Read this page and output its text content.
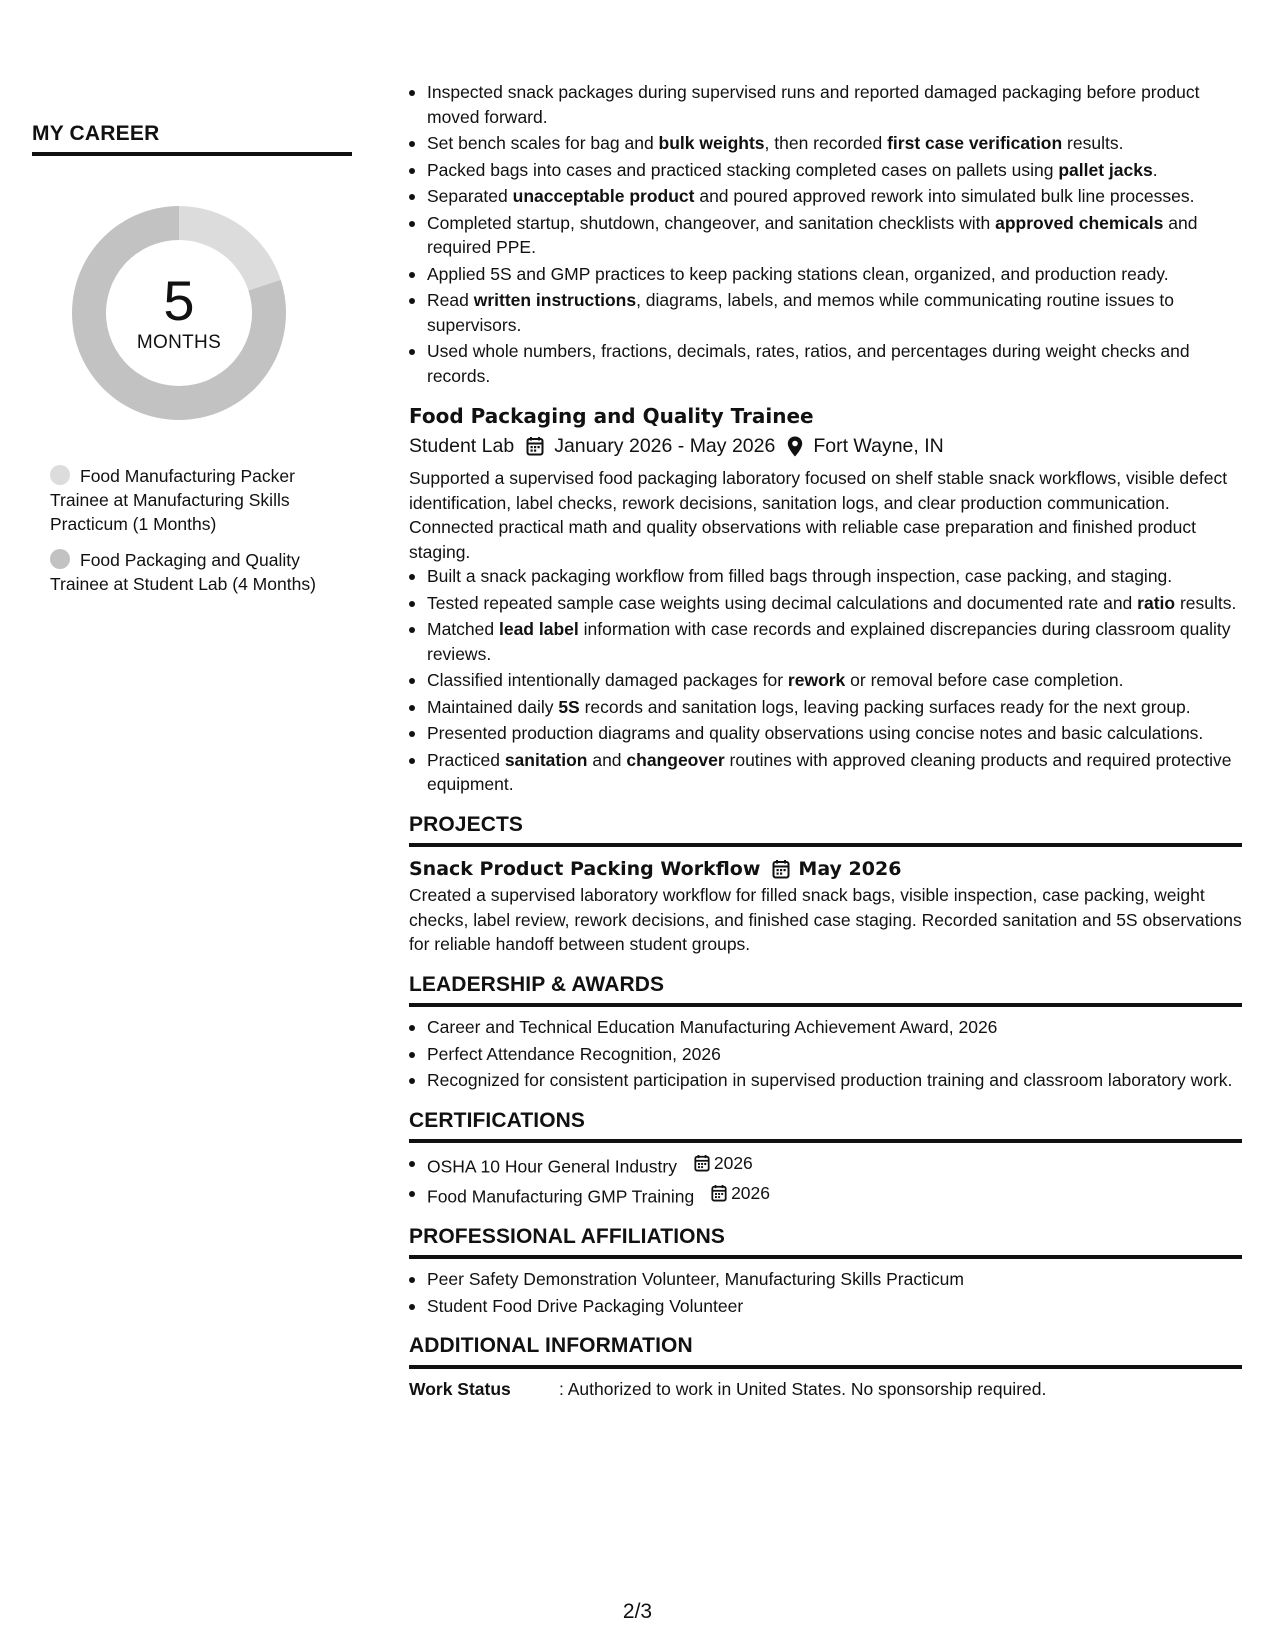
MY CAREER
5
MONTHS
Food Manufacturing Packer Trainee at Manufacturing Skills Practicum (1 Months)
Food Packaging and Quality Trainee at Student Lab (4 Months)
Inspected snack packages during supervised runs and reported damaged packaging before product moved forward.
Set bench scales for bag and bulk weights, then recorded first case verification results.
Packed bags into cases and practiced stacking completed cases on pallets using pallet jacks.
Separated unacceptable product and poured approved rework into simulated bulk line processes.
Completed startup, shutdown, changeover, and sanitation checklists with approved chemicals and required PPE.
Applied 5S and GMP practices to keep packing stations clean, organized, and production ready.
Read written instructions, diagrams, labels, and memos while communicating routine issues to supervisors.
Used whole numbers, fractions, decimals, rates, ratios, and percentages during weight checks and records.
Food Packaging and Quality Trainee
Student Lab January 2026 - May 2026 Fort Wayne, IN
Supported a supervised food packaging laboratory focused on shelf stable snack workflows, visible defect identification, label checks, rework decisions, sanitation logs, and clear production communication. Connected practical math and quality observations with reliable case preparation and finished product staging.
Built a snack packaging workflow from filled bags through inspection, case packing, and staging.
Tested repeated sample case weights using decimal calculations and documented rate and ratio results.
Matched lead label information with case records and explained discrepancies during classroom quality reviews.
Classified intentionally damaged packages for rework or removal before case completion.
Maintained daily 5S records and sanitation logs, leaving packing surfaces ready for the next group.
Presented production diagrams and quality observations using concise notes and basic calculations.
Practiced sanitation and changeover routines with approved cleaning products and required protective equipment.
PROJECTS
Snack Product Packing Workflow May 2026
Created a supervised laboratory workflow for filled snack bags, visible inspection, case packing, weight checks, label review, rework decisions, and finished case staging. Recorded sanitation and 5S observations for reliable handoff between student groups.
LEADERSHIP & AWARDS
Career and Technical Education Manufacturing Achievement Award, 2026
Perfect Attendance Recognition, 2026
Recognized for consistent participation in supervised production training and classroom laboratory work.
CERTIFICATIONS
OSHA 10 Hour General Industry 2026
Food Manufacturing GMP Training 2026
PROFESSIONAL AFFILIATIONS
Peer Safety Demonstration Volunteer, Manufacturing Skills Practicum
Student Food Drive Packaging Volunteer
ADDITIONAL INFORMATION
Work Status	: Authorized to work in United States. No sponsorship required.
2/3
